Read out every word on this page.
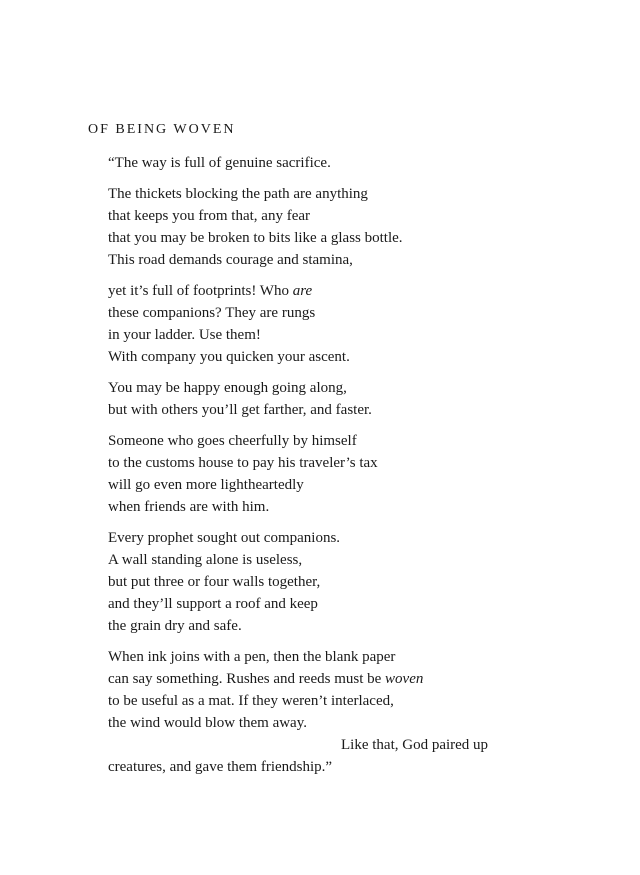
OF BEING WOVEN
“The way is full of genuine sacrifice.
The thickets blocking the path are anything
that keeps you from that, any fear
that you may be broken to bits like a glass bottle.
This road demands courage and stamina,
yet it’s full of footprints! Who are
these companions? They are rungs
in your ladder. Use them!
With company you quicken your ascent.
You may be happy enough going along,
but with others you’ll get farther, and faster.
Someone who goes cheerfully by himself
to the customs house to pay his traveler’s tax
will go even more lightheartedly
when friends are with him.
Every prophet sought out companions.
A wall standing alone is useless,
but put three or four walls together,
and they’ll support a roof and keep
the grain dry and safe.
When ink joins with a pen, then the blank paper
can say something. Rushes and reeds must be woven
to be useful as a mat. If they weren’t interlaced,
the wind would blow them away.
Like that, God paired up
creatures, and gave them friendship.”
